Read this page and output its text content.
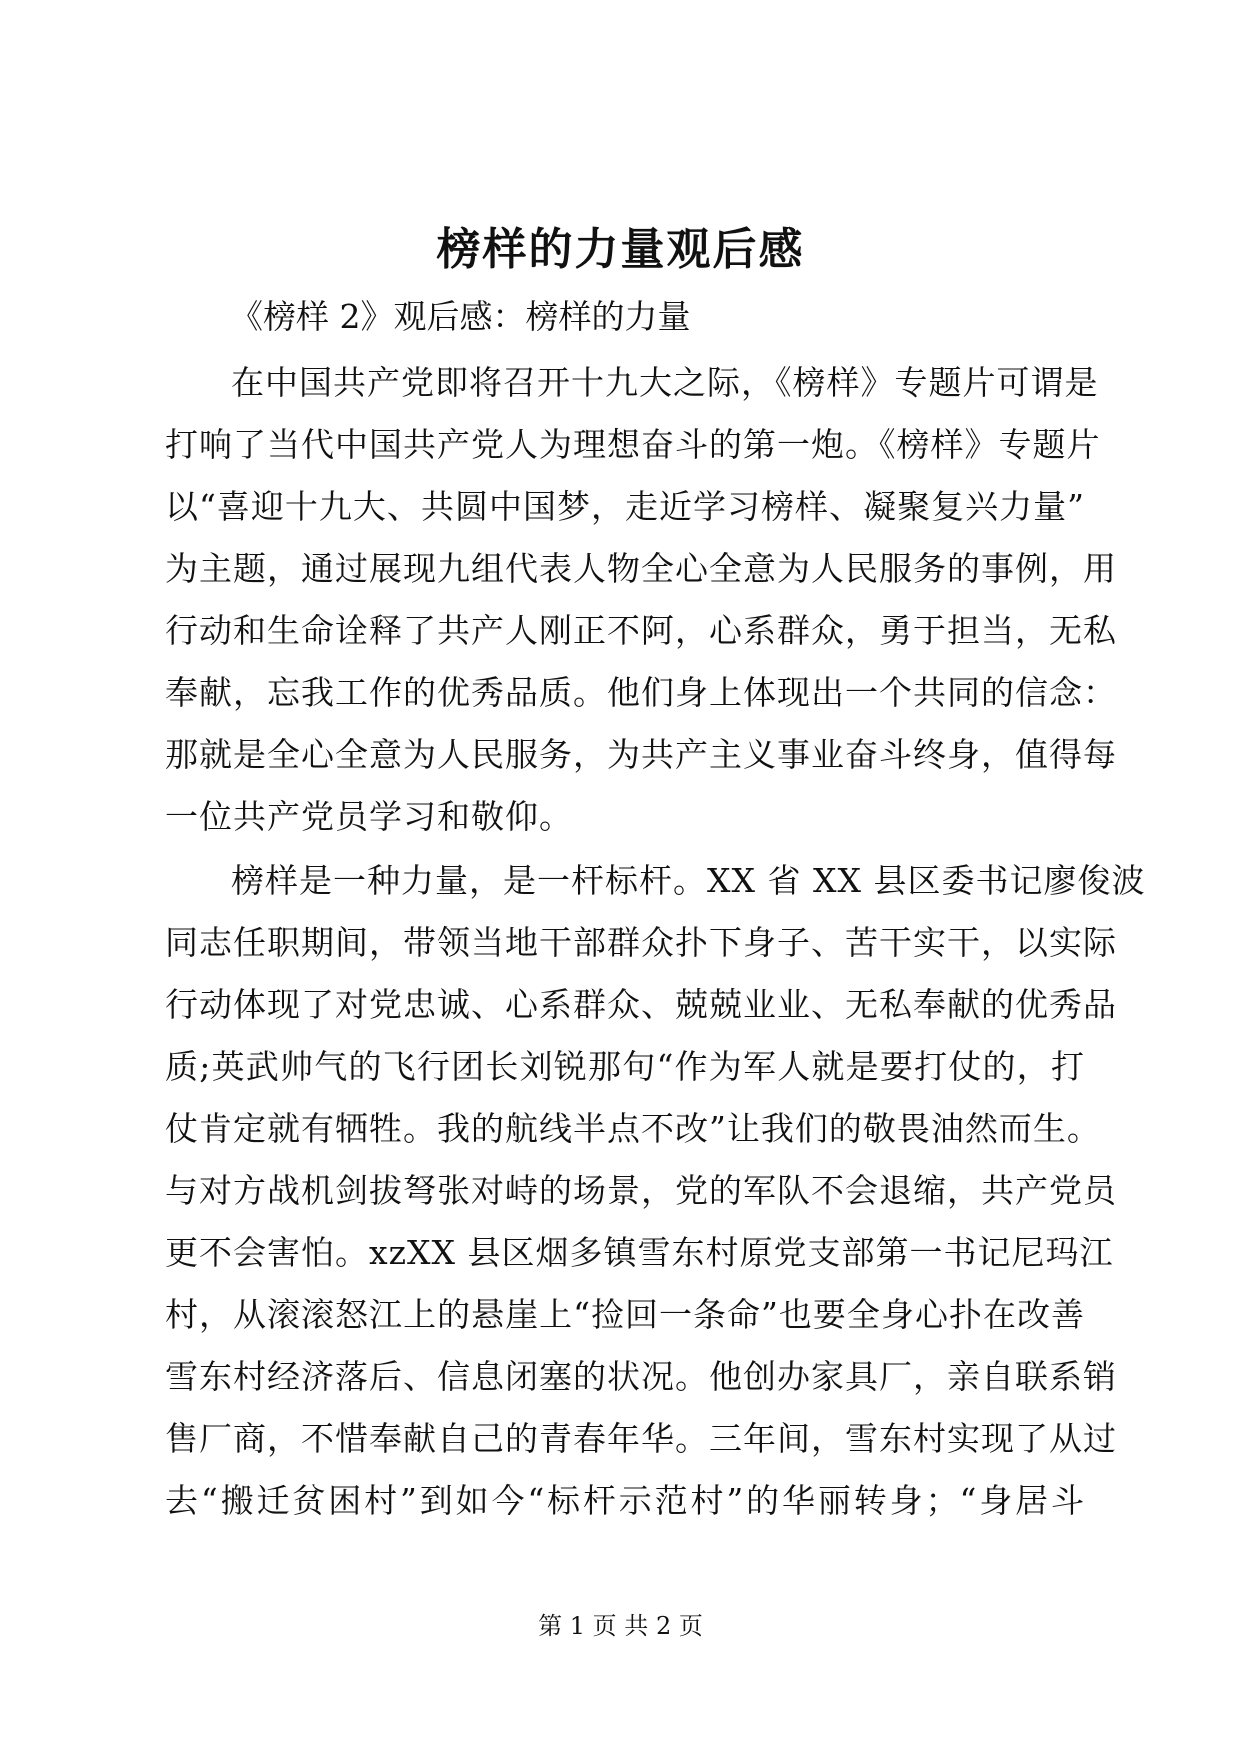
榜样的力量观后感
《榜样 2》观后感：榜样的力量
在中国共产党即将召开十九大之际，《榜样》专题片可谓是
打响了当代中国共产党人为理想奋斗的第一炮。《榜样》专题片
以“喜迎十九大、共圆中国梦，走近学习榜样、凝聚复兴力量”
为主题，通过展现九组代表人物全心全意为人民服务的事例，用
行动和生命诠释了共产人刚正不阿，心系群众，勇于担当，无私
奉献，忘我工作的优秀品质。他们身上体现出一个共同的信念：
那就是全心全意为人民服务，为共产主义事业奋斗终身，值得每
一位共产党员学习和敬仰。
榜样是一种力量，是一杆标杆。XX 省 XX 县区委书记廖俊波
同志任职期间，带领当地干部群众扑下身子、苦干实干，以实际
行动体现了对党忠诚、心系群众、兢兢业业、无私奉献的优秀品
质;英武帅气的飞行团长刘锐那句“作为军人就是要打仗的，打
仗肯定就有牺牲。我的航线半点不改”让我们的敬畏油然而生。
与对方战机剑拔弩张对峙的场景，党的军队不会退缩，共产党员
更不会害怕。xzXX 县区烟多镇雪东村原党支部第一书记尼玛江
村，从滚滚怒江上的悬崖上“捡回一条命”也要全身心扑在改善
雪东村经济落后、信息闭塞的状况。他创办家具厂，亲自联系销
售厂商，不惜奉献自己的青春年华。三年间，雪东村实现了从过
去“搬迁贫困村”到如今“标杆示范村”的华丽转身；“身居斗
第 1 页 共 2 页
